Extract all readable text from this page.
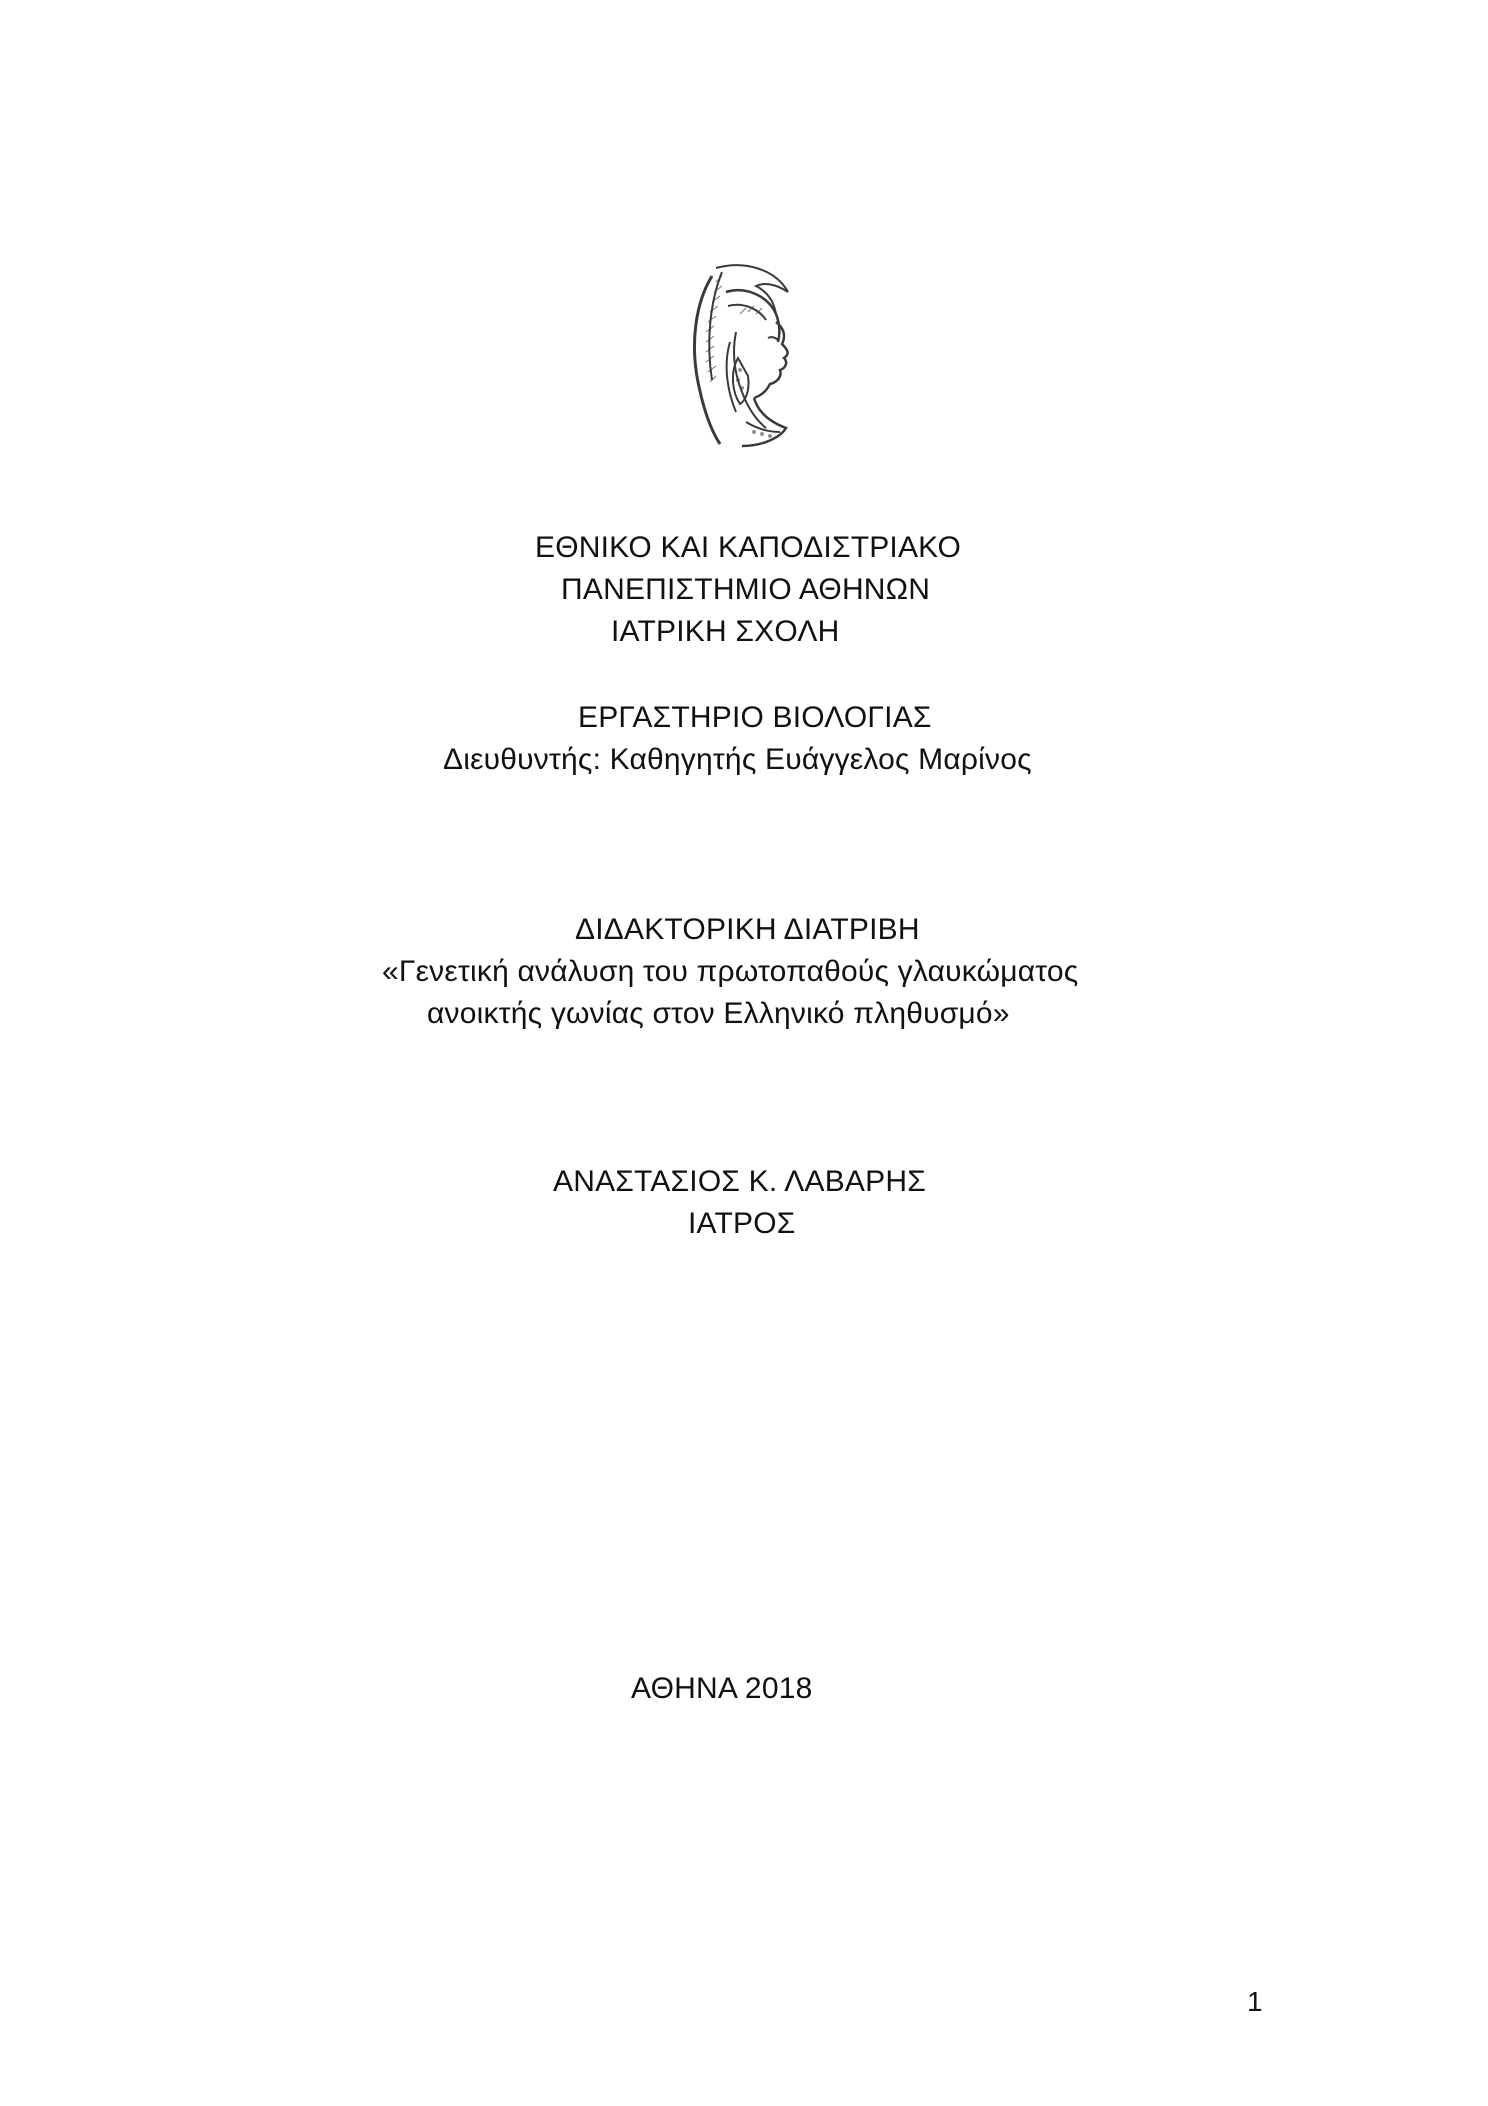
ΕΘΝΙΚΟ ΚΑΙ ΚΑΠΟΔΙΣΤΡΙΑΚΟ
ΠΑΝΕΠΙΣΤΗΜΙΟ ΑΘΗΝΩΝ
ΙΑΤΡΙΚΗ ΣΧΟΛΗ
ΕΡΓΑΣΤΗΡΙΟ ΒΙΟΛΟΓΙΑΣ
Διευθυντής: Καθηγητής Ευάγγελος Μαρίνος
ΔΙΔΑΚΤΟΡΙΚΗ ΔΙΑΤΡΙΒΗ
«Γενετική ανάλυση του πρωτοπαθούς γλαυκώματος
ανοικτής γωνίας στον Ελληνικό πληθυσμό»
ΑΝΑΣΤΑΣΙΟΣ Κ. ΛΑΒΑΡΗΣ
ΙΑΤΡΟΣ
ΑΘΗΝΑ 2018
1
